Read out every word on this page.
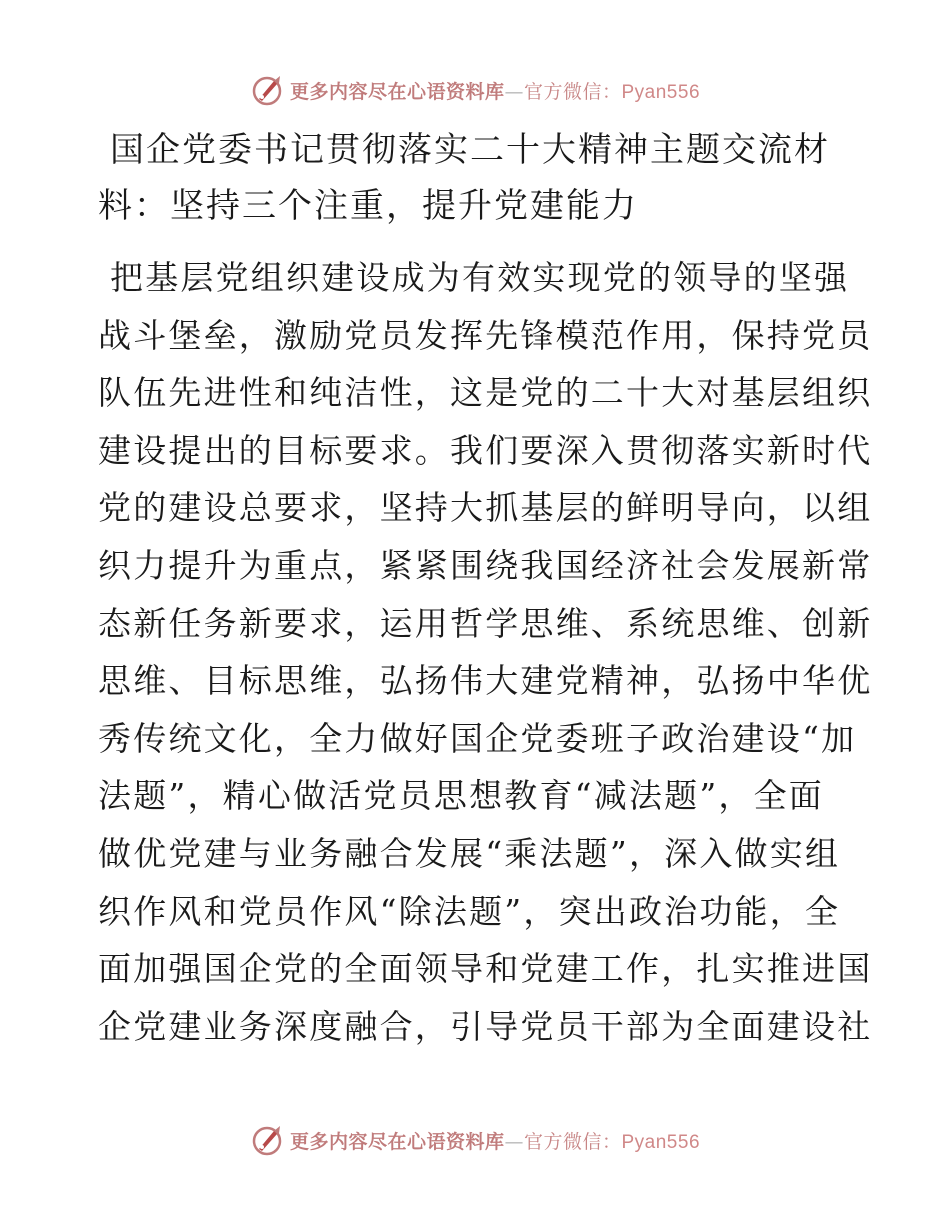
更多内容尽在心语资料库—官方微信：Pyan556
国企党委书记贯彻落实二十大精神主题交流材
料：坚持三个注重，提升党建能力

把基层党组织建设成为有效实现党的领导的坚强
战斗堡垒，激励党员发挥先锋模范作用，保持党员
队伍先进性和纯洁性，这是党的二十大对基层组织
建设提出的目标要求。我们要深入贯彻落实新时代
党的建设总要求，坚持大抓基层的鲜明导向，以组
织力提升为重点，紧紧围绕我国经济社会发展新常
态新任务新要求，运用哲学思维、系统思维、创新
思维、目标思维，弘扬伟大建党精神，弘扬中华优
秀传统文化，全力做好国企党委班子政治建设“加
法题”，精心做活党员思想教育“减法题”，全面
做优党建与业务融合发展“乘法题”，深入做实组
织作风和党员作风“除法题”，突出政治功能，全
面加强国企党的全面领导和党建工作，扎实推进国
企党建业务深度融合，引导党员干部为全面建设社

更多内容尽在心语资料库—官方微信：Pyan556
